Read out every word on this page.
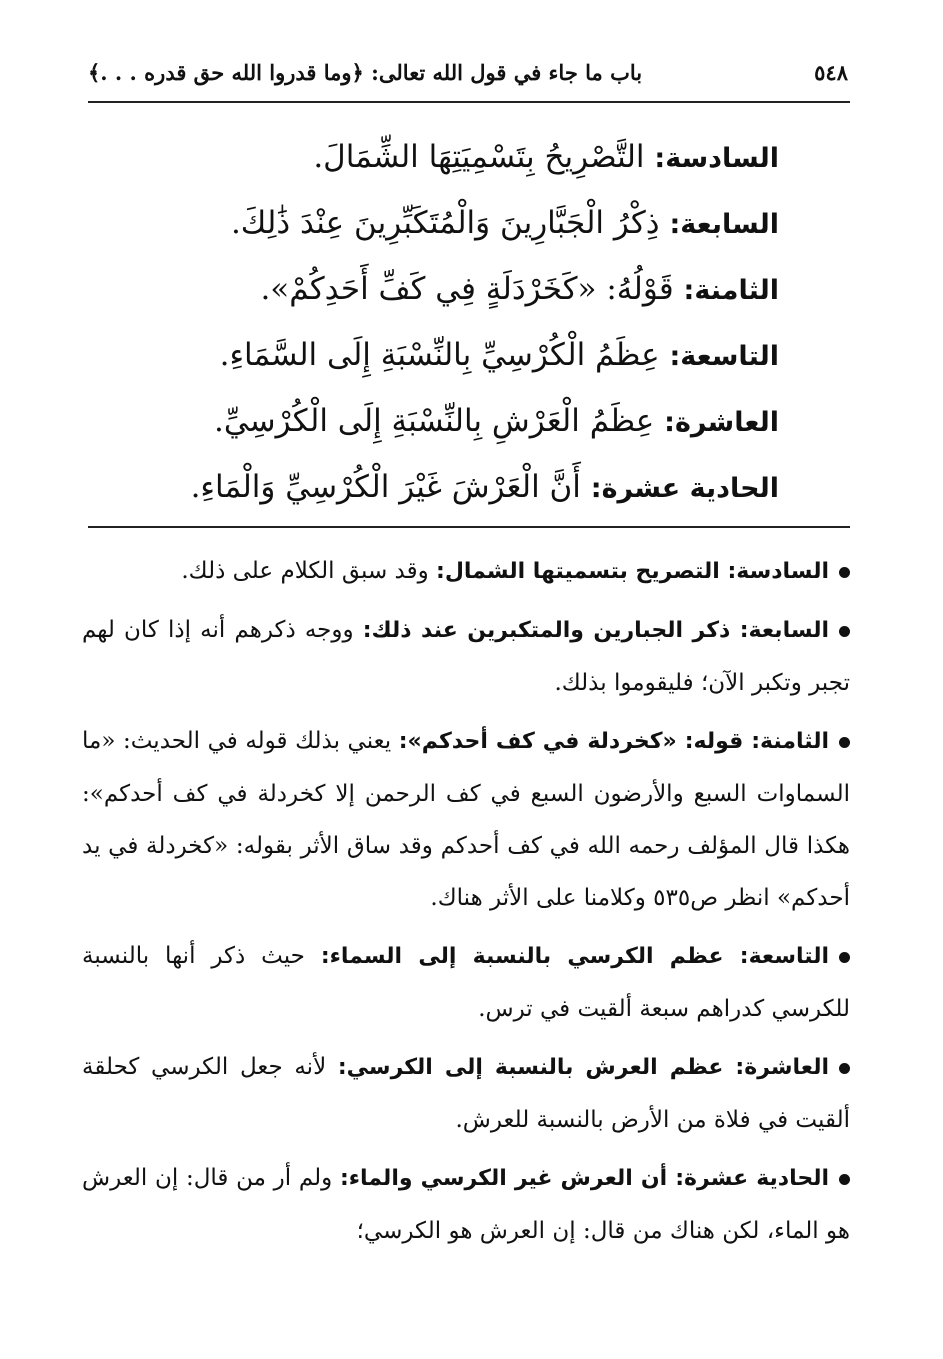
٥٤٨
باب ما جاء في قول الله تعالى: ﴿وما قدروا الله حق قدره . . .﴾
السادسة: التَّصْرِيحُ بِتَسْمِيَتِهَا الشِّمَالَ.
السابعة: ذِكْرُ الْجَبَّارِينَ وَالْمُتَكَبِّرِينَ عِنْدَ ذَٰلِكَ.
الثامنة: قَوْلُهُ: «كَخَرْدَلَةٍ فِي كَفِّ أَحَدِكُمْ».
التاسعة: عِظَمُ الْكُرْسِيِّ بِالنِّسْبَةِ إِلَى السَّمَاءِ.
العاشرة: عِظَمُ الْعَرْشِ بِالنِّسْبَةِ إِلَى الْكُرْسِيِّ.
الحادية عشرة: أَنَّ الْعَرْشَ غَيْرَ الْكُرْسِيِّ وَالْمَاءِ.

السادسة: التصريح بتسميتها الشمال: وقد سبق الكلام على ذلك.

السابعة: ذكر الجبارين والمتكبرين عند ذلك: ووجه ذكرهم أنه إذا كان لهم تجبر وتكبر الآن؛ فليقوموا بذلك.

الثامنة: قوله: «كخردلة في كف أحدكم»: يعني بذلك قوله في الحديث: «ما السماوات السبع والأرضون السبع في كف الرحمن إلا كخردلة في كف أحدكم»: هكذا قال المؤلف رحمه الله في كف أحدكم وقد ساق الأثر بقوله: «كخردلة في يد أحدكم» انظر ص٥٣٥ وكلامنا على الأثر هناك.

التاسعة: عظم الكرسي بالنسبة إلى السماء: حيث ذكر أنها بالنسبة للكرسي كدراهم سبعة ألقيت في ترس.

العاشرة: عظم العرش بالنسبة إلى الكرسي: لأنه جعل الكرسي كحلقة ألقيت في فلاة من الأرض بالنسبة للعرش.

الحادية عشرة: أن العرش غير الكرسي والماء: ولم أر من قال: إن العرش هو الماء، لكن هناك من قال: إن العرش هو الكرسي؛
